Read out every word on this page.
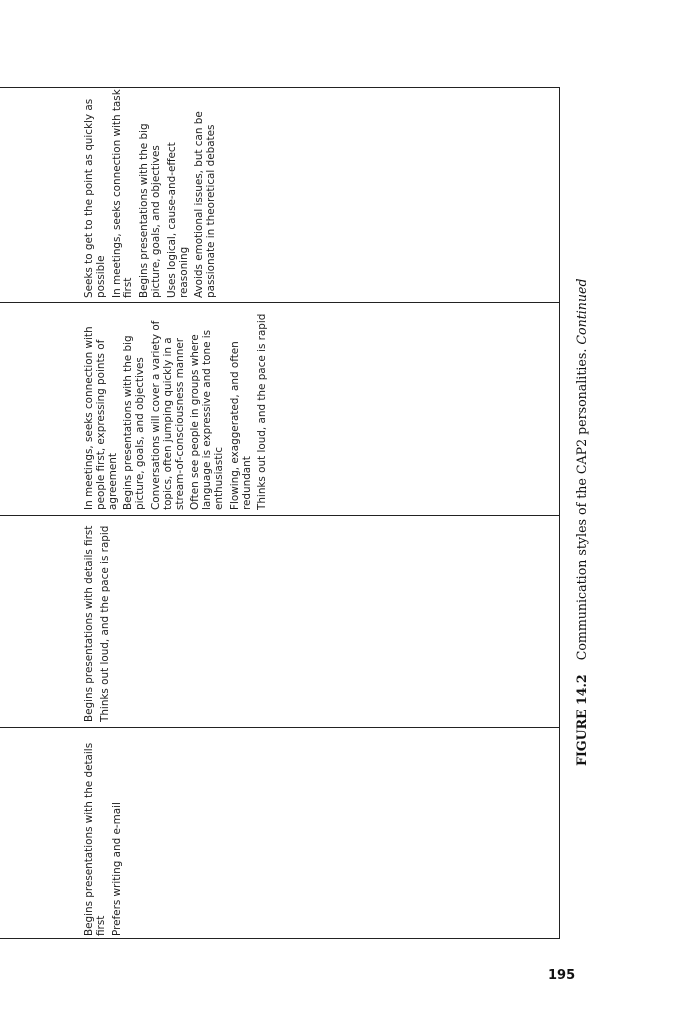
Begins presentations with the details first Prefers writing and e-mail

Begins presentations with details first Thinks out loud, and the pace is rapid

In meetings, seeks connection with people first, expressing points of agreement Begins presentations with the big picture, goals, and objectives Conversations will cover a variety of topics, often jumping quickly in a stream-of-consciousness manner Often see people in groups where language is expressive and tone is enthusiastic Flowing, exaggerated, and often redundant Thinks out loud, and the pace is rapid

Seeks to get to the point as quickly as possible In meetings, seeks connection with task first Begins presentations with the big picture, goals, and objectives Uses logical, cause-and-effect reasoning Avoids emotional issues, but can be passionate in theoretical debates

FIGURE 14.2Communication styles of the CAP2 personalities. Continued
195
